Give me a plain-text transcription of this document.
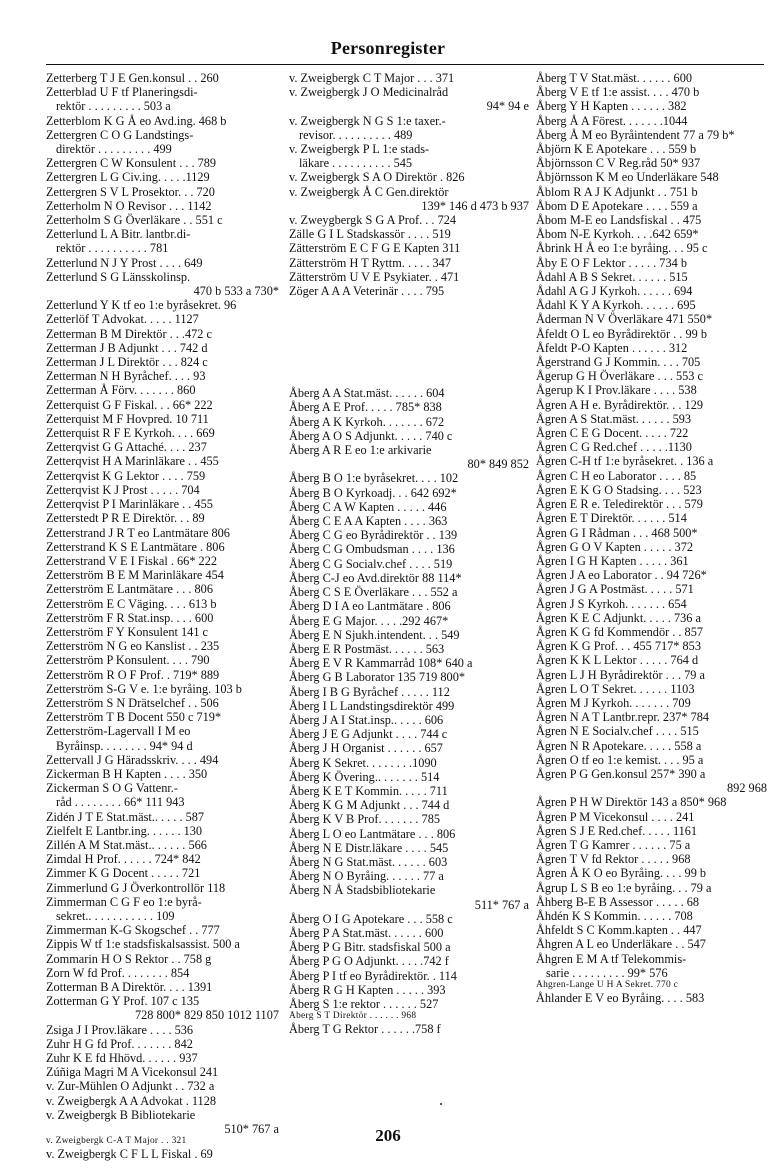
Personregister
Zetterberg T J E Gen.konsul . . 260
Zetterblad U F tf Planeringsdi-
rektör . . . . . . . . . 503 a
Zetterblom K G Å eo Avd.ing. 468 b
Zettergren C O G Landstings-
direktör . . . . . . . . . 499
Zettergren C W Konsulent . . . 789
Zettergren L G Civ.ing. . . . .1129
Zettergren S V L Prosektor. . . 720
Zetterholm N O Revisor . . . 1142
Zetterholm S G Överläkare . . 551 c
Zetterlund L A Bitr. lantbr.di-
rektör . . . . . . . . . . 781
Zetterlund N J Y Prost . . . . 649
Zetterlund S G Länsskolinsp.
470 b 533 a 730*
Zetterlund Y K tf eo 1:e byråsekret. 96
Zetterlöf T Advokat. . . . . 1127
Zetterman B M Direktör . . .472 c
Zetterman J B Adjunkt . . . 742 d
Zetterman J L Direktör . . . 824 c
Zetterman N H Byråchef. . . . 93
Zetterman Å Förv. . . . . . . 860
Zetterquist G F Fiskal. . . 66* 222
Zetterquist M F Hovpred. 10 711
Zetterquist R F E Kyrkoh. . . . 669
Zetterqvist G G Attaché. . . . 237
Zetterqvist H A Marinläkare . . 455
Zetterqvist K G Lektor . . . . 759
Zetterqvist K J Prost . . . . . 704
Zetterqvist P I Marinläkare . . 455
Zetterstedt P R E Direktör. . . 89
Zetterstrand J R T eo Lantmätare 806
Zetterstrand K S E Lantmätare . 806
Zetterstrand V E I Fiskal . 66* 222
Zetterström B E M Marinläkare 454
Zetterström E Lantmätare . . . 806
Zetterström E C Väging. . . . 613 b
Zetterström F R Stat.insp. . . . 600
Zetterström F Y Konsulent 141 c
Zetterström N G eo Kanslist . . 235
Zetterström P Konsulent. . . . 790
Zetterström R O F Prof. . 719* 889
Zetterström S-G V e. 1:e byråing. 103 b
Zetterström S N Drätselchef . . 506
Zetterström T B Docent 550 c 719*
Zetterström-Lagervall I M eo
Byråinsp. . . . . . . . 94* 94 d
Zettervall J G Häradsskriv. . . . 494
Zickerman B H Kapten . . . . 350
Zickerman S O G Vattenr.-
råd . . . . . . . . 66* 111 943
Zidén J T E Stat.mäst.. . . . . 587
Zielfelt E Lantbr.ing. . . . . . 130
Zillén A M Stat.mäst.. . . . . . 566
Zimdal H Prof. . . . . . 724* 842
Zimmer K G Docent . . . . . 721
Zimmerlund G J Överkontrollör 118
Zimmerman C G F eo 1:e byrå-
sekret.. . . . . . . . . . . 109
Zimmerman K-G Skogschef . . 777
Zippis W tf 1:e stadsfiskalsassist. 500 a
Zommarin H O S Rektor . . 758 g
Zorn W fd Prof. . . . . . . . 854
Zotterman B A Direktör. . . . 1391
Zotterman G Y Prof. 107 c 135
728 800* 829 850 1012 1107
Zsiga J I Prov.läkare . . . . 536
Zuhr H G fd Prof. . . . . . . 842
Zuhr K E fd Hhövd. . . . . . 937
Zúñiga Magri M A Vicekonsul 241
v. Zur-Mühlen O Adjunkt . . 732 a
v. Zweigbergk A A Advokat . 1128
v. Zweigbergk B Bibliotekarie
510* 767 a
v. Zweigbergk C-A T Major . . 321
v. Zweigbergk C F L L Fiskal . 69
v. Zweigbergk C T Major . . . 371
v. Zweigbergk J O Medicinalråd
94* 94 e
v. Zweigbergk N G S 1:e taxer.-
revisor. . . . . . . . . . 489
v. Zweigbergk P L 1:e stads-
läkare . . . . . . . . . . 545
v. Zweigbergk S A O Direktör . 826
v. Zweigbergk Å C Gen.direktör
139* 146 d 473 b 937
v. Zweygbergk S G A Prof. . . 724
Zälle G I L Stadskassör . . . . 519
Zätterström E C F G E Kapten 311
Zätterström H T Ryttm. . . . . 347
Zätterström U V E Psykiater. . 471
Zöger A A A Veterinär . . . . 795
Åberg A A Stat.mäst. . . . . . 604
Åberg A E Prof. . . . . 785* 838
Åberg A K Kyrkoh. . . . . . . 672
Åberg A O S Adjunkt. . . . . 740 c
Åberg A R E eo 1:e arkivarie
80* 849 852
Åberg B O 1:e byråsekret. . . . 102
Åberg B O Kyrkoadj. . . 642 692*
Åberg C A W Kapten . . . . . 446
Åberg C E A A Kapten . . . . 363
Åberg C G eo Byrådirektör . . 139
Åberg C G Ombudsman . . . . 136
Åberg C G Socialv.chef . . . . 519
Åberg C-J eo Avd.direktör 88 114*
Åberg C S E Överläkare . . . 552 a
Åberg D I A eo Lantmätare . 806
Åberg E G Major. . . . .292 467*
Åberg E N Sjukh.intendent. . . 549
Åberg E R Postmäst. . . . . . 563
Åberg E V R Kammarråd 108* 640 a
Åberg G B Laborator 135 719 800*
Åberg I B G Byråchef . . . . . 112
Åberg I L Landstingsdirektör 499
Åberg J A I Stat.insp.. . . . . 606
Åberg J E G Adjunkt . . . . 744 c
Åberg J H Organist . . . . . . 657
Åberg K Sekret. . . . . . . .1090
Åberg K Övering.. . . . . . . 514
Åberg K E T Kommin. . . . . 711
Åberg K G M Adjunkt . . . 744 d
Åberg K V B Prof. . . . . . . 785
Åberg L O eo Lantmätare . . . 806
Åberg N E Distr.läkare . . . . 545
Åberg N G Stat.mäst. . . . . . 603
Åberg N O Byråing. . . . . . 77 a
Åberg N Å Stadsbibliotekarie
511* 767 a
Åberg O I G Apotekare . . . 558 c
Åberg P A Stat.mäst. . . . . . 600
Åberg P G Bitr. stadsfiskal 500 a
Åberg P G O Adjunkt. . . . .742 f
Åberg P I tf eo Byrådirektör. . 114
Åberg R G H Kapten . . . . . 393
Åberg S 1:e rektor . . . . . . 527
Åberg S T Direktör . . . . . . 968
Åberg T G Rektor . . . . . .758 f
Åberg T V Stat.mäst. . . . . . 600
Åberg V E tf 1:e assist. . . . 470 b
Åberg Y H Kapten . . . . . . 382
Åberg Å A Förest. . . . . . .1044
Åberg Å M eo Byråintendent 77 a 79 b*
Åbjörn K E Apotekare . . . 559 b
Åbjörnsson C V Reg.råd 50* 937
Åbjörnsson K M eo Underläkare 548
Åblom R A J K Adjunkt . . 751 b
Åbom D E Apotekare . . . . 559 a
Åbom M-E eo Landsfiskal . . 475
Åbom N-E Kyrkoh. . . .642 659*
Åbrink H Å eo 1:e byråing. . . 95 c
Åby E O F Lektor . . . . . 734 b
Ådahl A B S Sekret. . . . . . 515
Ådahl A G J Kyrkoh. . . . . . 694
Ådahl K Y A Kyrkoh. . . . . . 695
Åderman N V Överläkare 471 550*
Åfeldt O L eo Byrådirektör . . 99 b
Åfeldt P-O Kapten . . . . . . 312
Ågerstrand G J Kommin. . . . 705
Ågerup G H Överläkare . . . 553 c
Ågerup K I Prov.läkare . . . . 538
Ågren A H e. Byrådirektör. . . 129
Ågren A S Stat.mäst. . . . . . 593
Ågren C E G Docent. . . . . 722
Ågren C G Red.chef . . . . .1130
Ågren C-H tf 1:e byråsekret. . 136 a
Ågren C H eo Laborator . . . . 85
Ågren E K G O Stadsing. . . . 523
Ågren E R e. Teledirektör . . . 579
Ågren E T Direktör. . . . . . 514
Ågren G I Rådman . . . 468 500*
Ågren G O V Kapten . . . . . 372
Ågren I G H Kapten . . . . . 361
Ågren J A eo Laborator . . 94 726*
Ågren J G A Postmäst. . . . . 571
Ågren J S Kyrkoh. . . . . . . 654
Ågren K E C Adjunkt. . . . . 736 a
Ågren K G fd Kommendör . . 857
Ågren K G Prof. . . 455 717* 853
Ågren K K L Lektor . . . . . 764 d
Ågren L J H Byrådirektör . . . 79 a
Ågren L O T Sekret. . . . . . 1103
Ågren M J Kyrkoh. . . . . . . 709
Ågren N A T Lantbr.repr. 237* 784
Ågren N E Socialv.chef . . . . 515
Ågren N R Apotekare. . . . . 558 a
Ågren O tf eo 1:e kemist. . . . 95 a
Ågren P G Gen.konsul 257* 390 a
892 968
Ågren P H W Direktör 143 a 850* 968
Ågren P M Vicekonsul . . . . 241
Ågren S J E Red.chef. . . . . 1161
Ågren T G Kamrer . . . . . . 75 a
Ågren T V fd Rektor . . . . . 968
Ågren Å K O eo Byråing. . . . 99 b
Ågrup L S B eo 1:e byråing. . . 79 a
Åhberg B-E B Assessor . . . . . 68
Åhdén K S Kommin. . . . . . 708
Åhfeldt S C Komm.kapten . . 447
Åhgren A L eo Underläkare . . 547
Åhgren E M A tf Telekommis-
sarie . . . . . . . . . 99* 576
Åhgren-Lange U H A Sekret. 770 c
Åhlander E V eo Byråing. . . . 583
206
